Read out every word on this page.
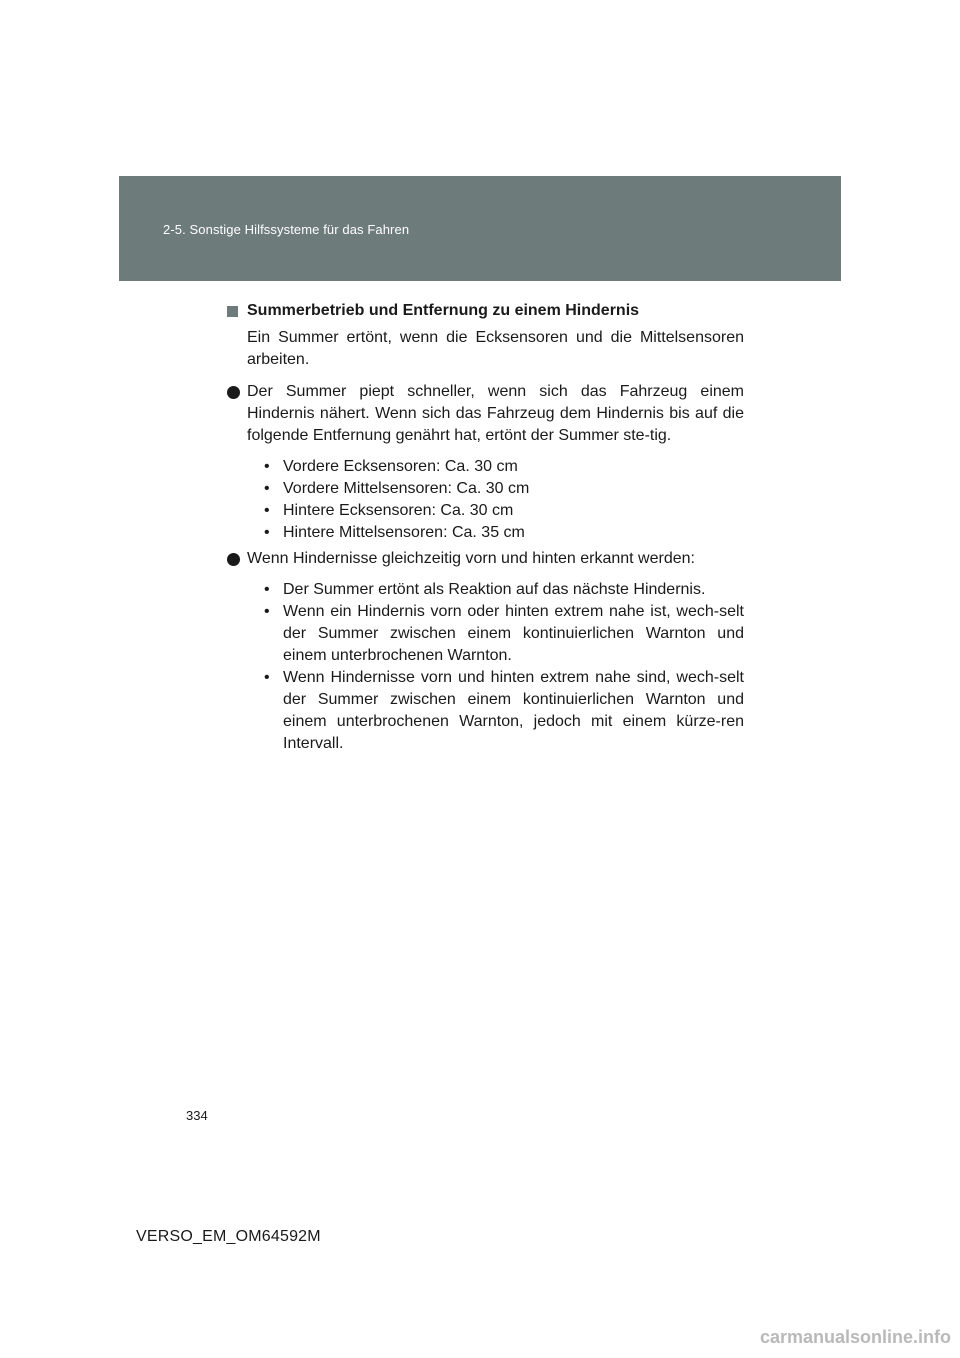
2-5. Sonstige Hilfssysteme für das Fahren
Summerbetrieb und Entfernung zu einem Hindernis
Ein Summer ertönt, wenn die Ecksensoren und die Mittelsensoren arbeiten.
Der Summer piept schneller, wenn sich das Fahrzeug einem Hindernis nähert. Wenn sich das Fahrzeug dem Hindernis bis auf die folgende Entfernung genährt hat, ertönt der Summer ste-tig.
• Vordere Ecksensoren: Ca. 30 cm
• Vordere Mittelsensoren: Ca. 30 cm
• Hintere Ecksensoren: Ca. 30 cm
• Hintere Mittelsensoren: Ca. 35 cm
Wenn Hindernisse gleichzeitig vorn und hinten erkannt werden:
• Der Summer ertönt als Reaktion auf das nächste Hindernis.
• Wenn ein Hindernis vorn oder hinten extrem nahe ist, wech-selt der Summer zwischen einem kontinuierlichen Warnton und einem unterbrochenen Warnton.
• Wenn Hindernisse vorn und hinten extrem nahe sind, wech-selt der Summer zwischen einem kontinuierlichen Warnton und einem unterbrochenen Warnton, jedoch mit einem kürze-ren Intervall.
334
VERSO_EM_OM64592M
carmanualsonline.info
